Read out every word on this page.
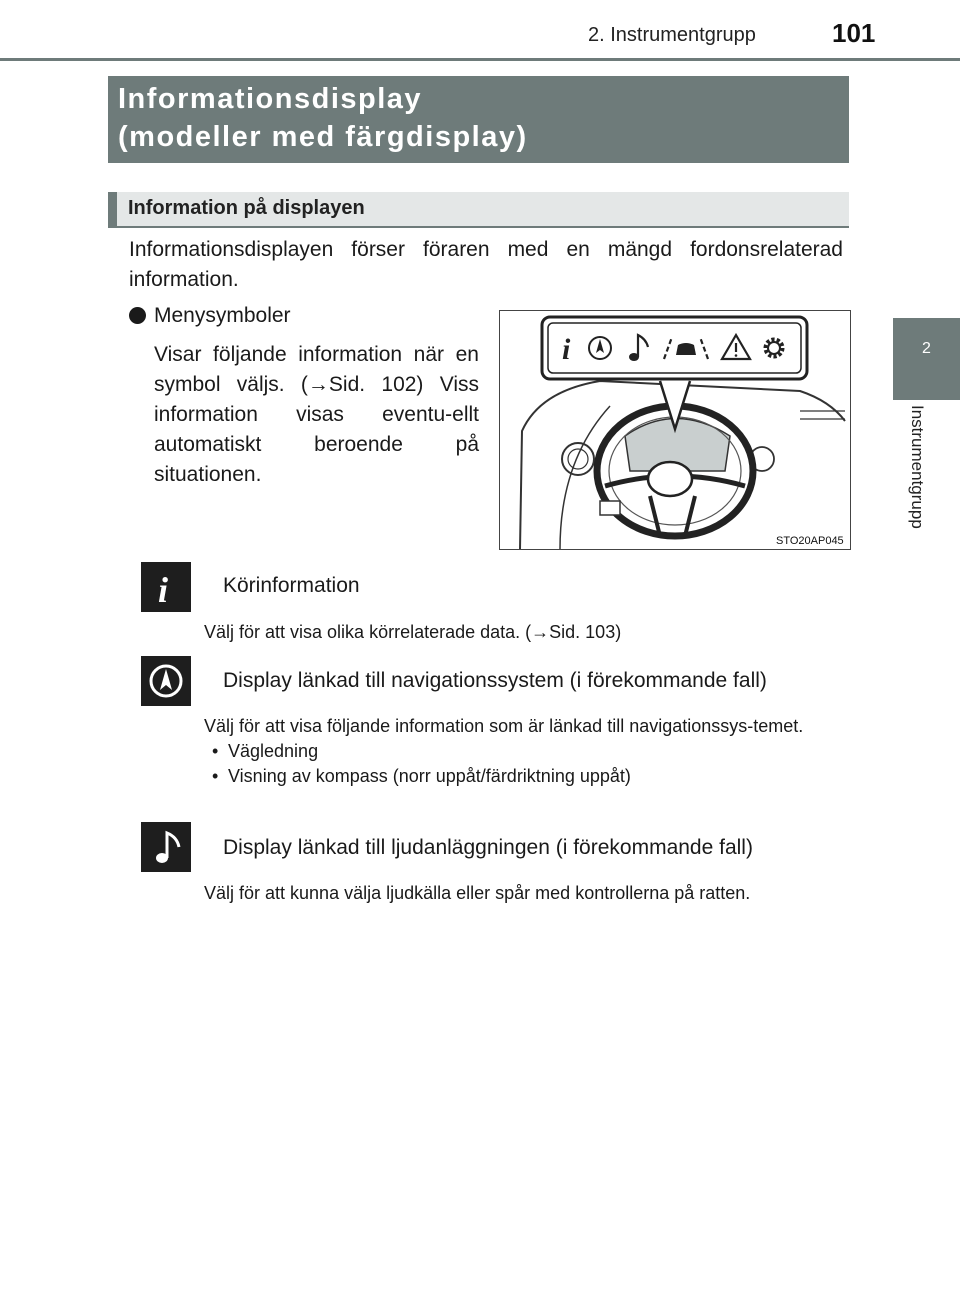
2. Instrumentgrupp	101
2
Instrumentgrupp
Informationsdisplay
(modeller med färgdisplay)
Information på displayen
Informationsdisplayen förser föraren med en mängd fordonsrelaterad information.
Menysymboler
Visar följande information när en symbol väljs. (→Sid. 102) Viss information visas eventu-ellt automatiskt beroende på situationen.
i
STO20AP045
i	Körinformation
Välj för att visa olika körrelaterade data. (→Sid. 103)
Display länkad till navigationssystem (i förekommande fall)
Välj för att visa följande information som är länkad till navigationssys-temet.
• Vägledning
• Visning av kompass (norr uppåt/färdriktning uppåt)
Display länkad till ljudanläggningen (i förekommande fall)
Välj för att kunna välja ljudkälla eller spår med kontrollerna på ratten.
